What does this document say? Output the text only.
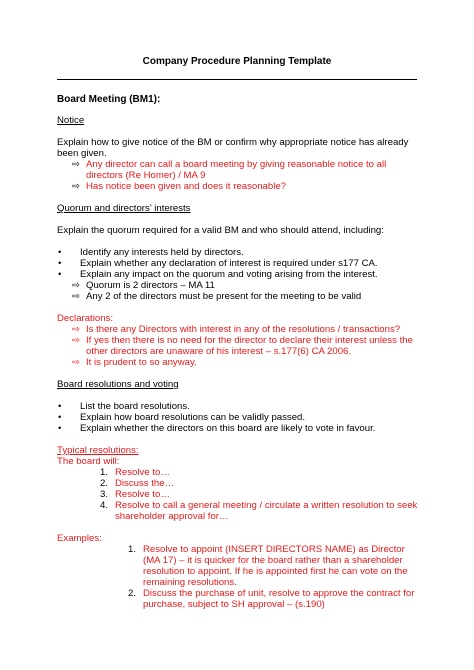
Company Procedure Planning Template
Board Meeting (BM1):
Notice
Explain how to give notice of the BM or confirm why appropriate notice has already
been given.
⇨ Any director can call a board meeting by giving reasonable notice to all
directors (Re Homer) / MA 9
⇨ Has notice been given and does it reasonable?
Quorum and directors’ interests
Explain the quorum required for a valid BM and who should attend, including:
• Identify any interests held by directors.
• Explain whether any declaration of interest is required under s177 CA.
• Explain any impact on the quorum and voting arising from the interest.
⇨ Quorum is 2 directors – MA 11
⇨ Any 2 of the directors must be present for the meeting to be valid
Declarations:
⇨ Is there any Directors with interest in any of the resolutions / transactions?
⇨ If yes then there is no need for the director to declare their interest unless the
other directors are unaware of his interest – s.177(6) CA 2006.
⇨ It is prudent to so anyway.
Board resolutions and voting
• List the board resolutions.
• Explain how board resolutions can be validly passed.
• Explain whether the directors on this board are likely to vote in favour.
Typical resolutions:
The board will:
1. Resolve to…
2. Discuss the…
3. Resolve to…
4. Resolve to call a general meeting / circulate a written resolution to seek
shareholder approval for…
Examples:
1. Resolve to appoint (INSERT DIRECTORS NAME) as Director
(MA 17) – it is quicker for the board rather than a shareholder
resolution to appoint. If he is appointed first he can vote on the
remaining resolutions.
2. Discuss the purchase of unit, resolve to approve the contract for
purchase, subject to SH approval – (s.190)
